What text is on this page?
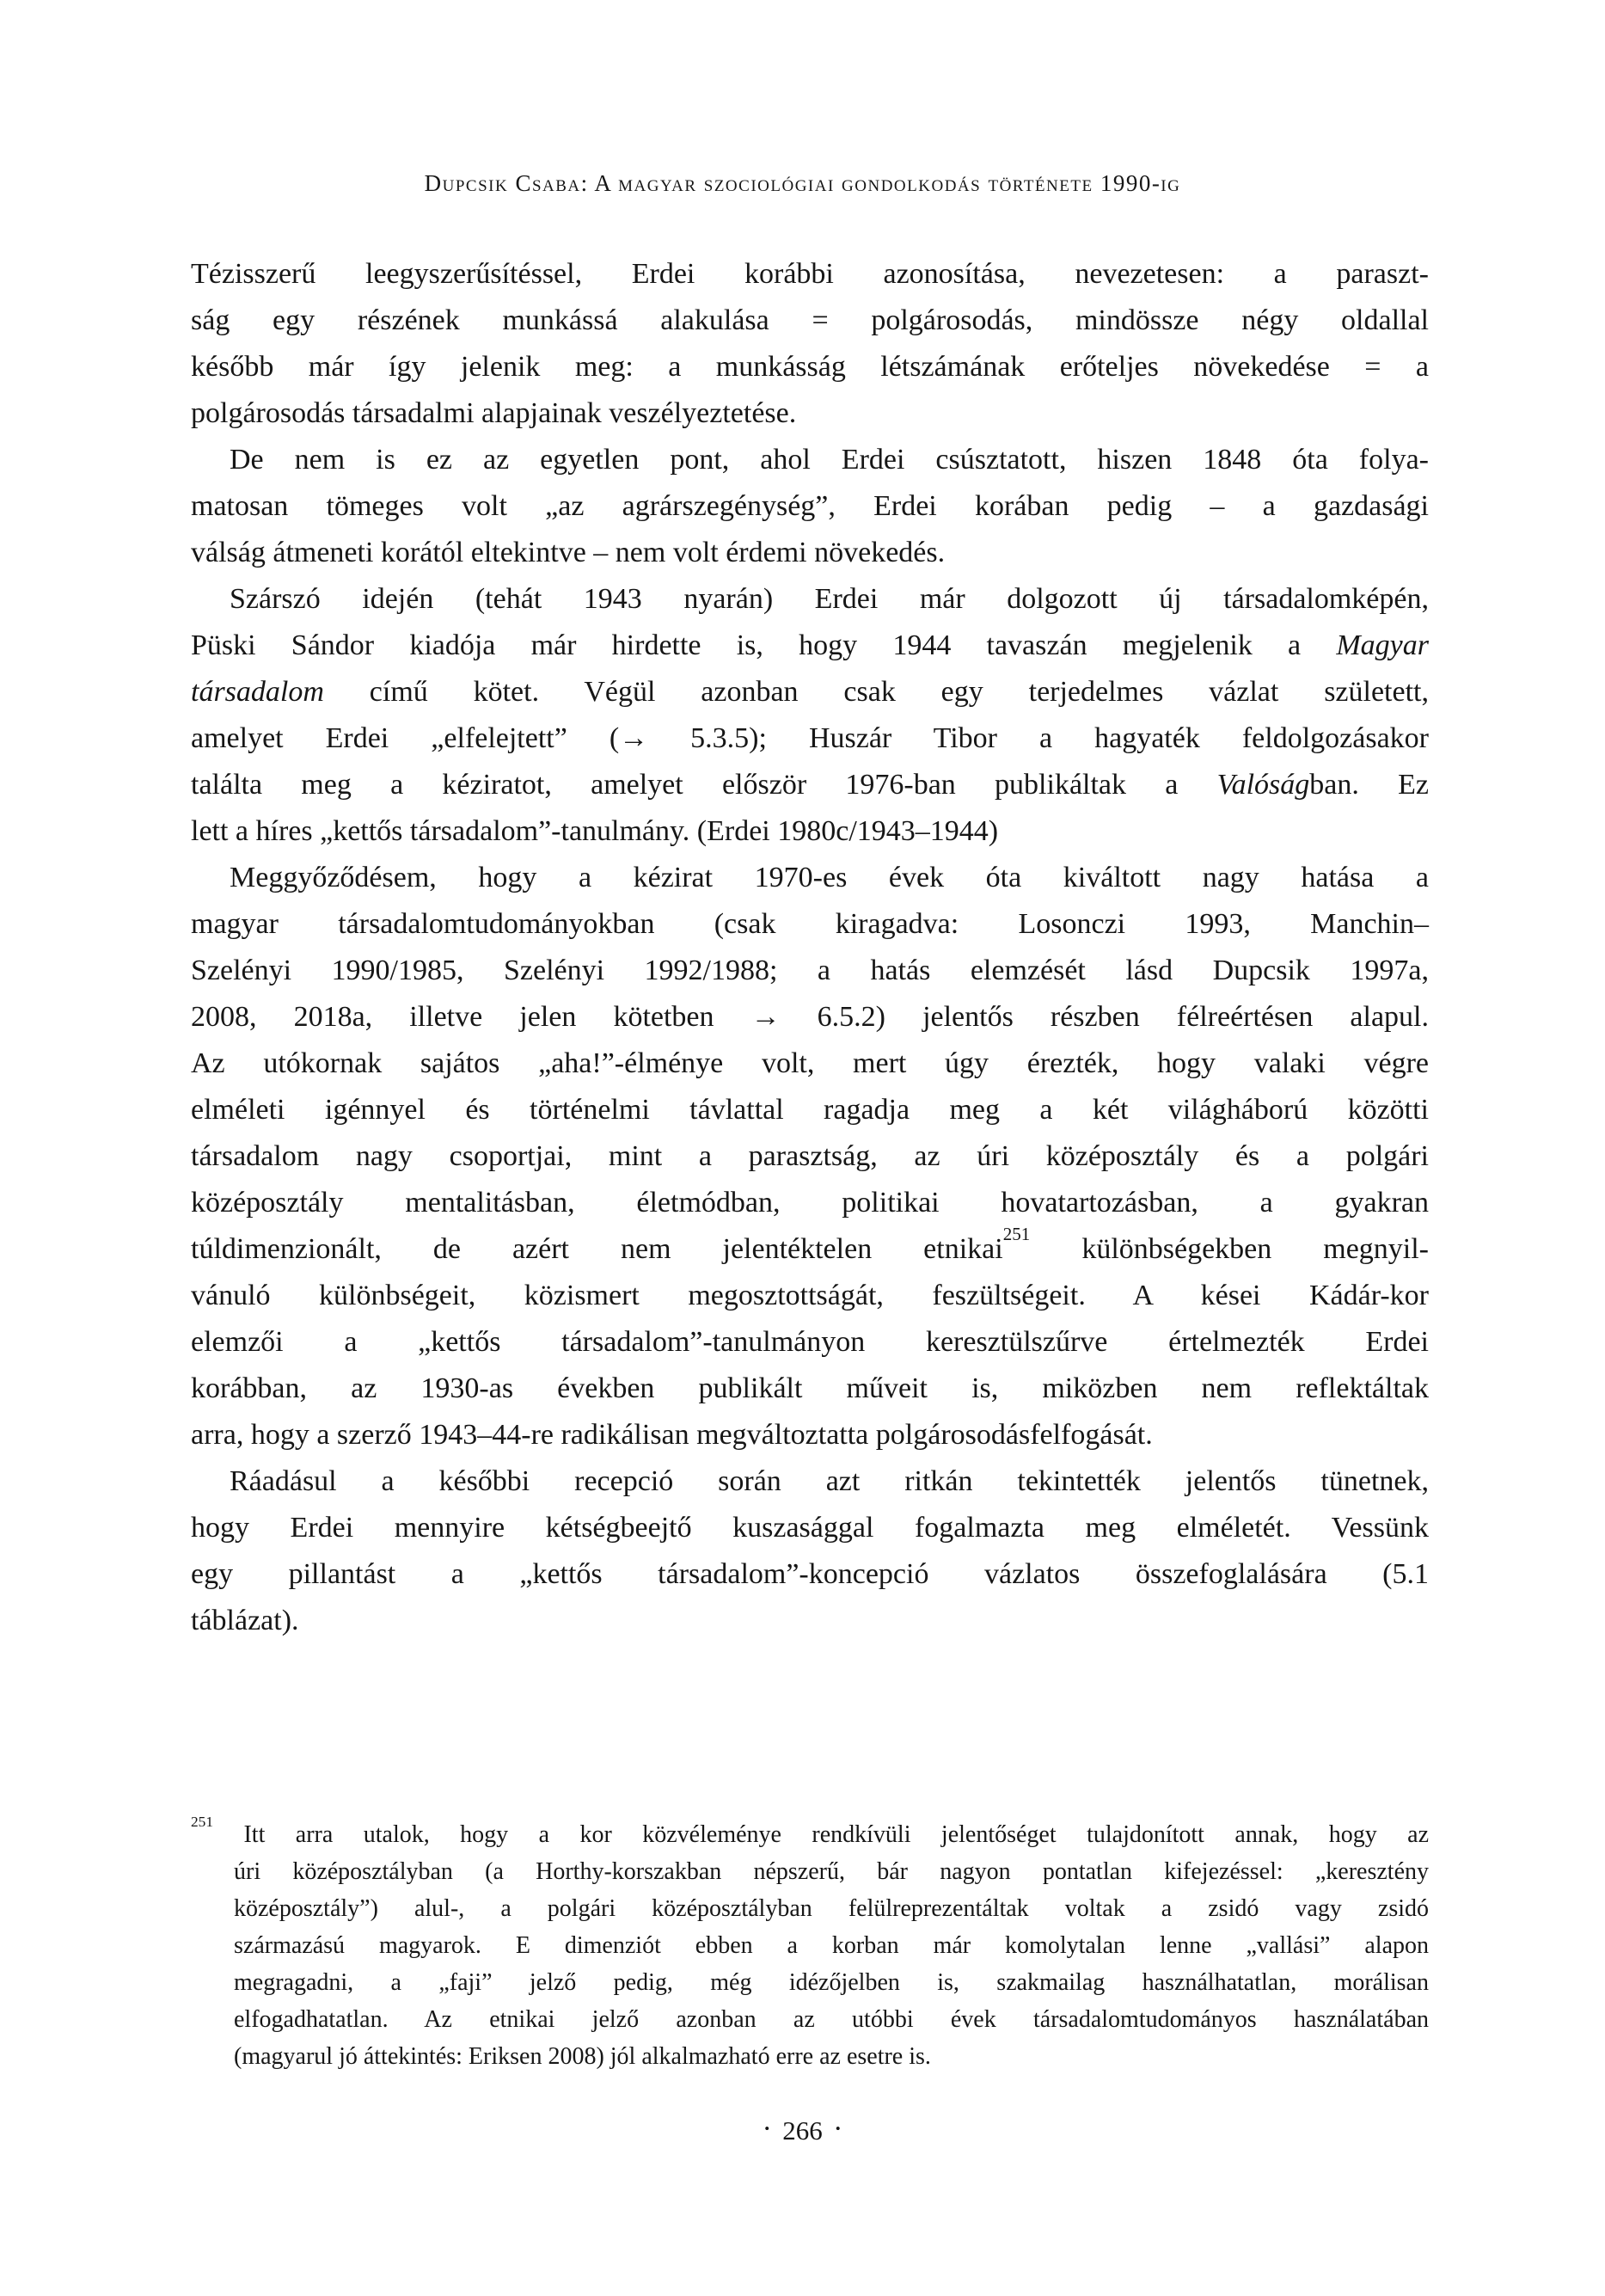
Dupcsik Csaba: A magyar szociológiai gondolkodás története 1990-ig
Tézisszerű leegyszerűsítéssel, Erdei korábbi azonosítása, nevezetesen: a paraszt-
ság egy részének munkássá alakulása = polgárosodás, mindössze négy oldallal
később már így jelenik meg: a munkásság létszámának erőteljes növekedése = a
polgárosodás társadalmi alapjainak veszélyeztetése.
De nem is ez az egyetlen pont, ahol Erdei csúsztatott, hiszen 1848 óta folya-
matosan tömeges volt „az agrárszegénység”, Erdei korában pedig – a gazdasági
válság átmeneti korától eltekintve – nem volt érdemi növekedés.
Szárszó idején (tehát 1943 nyarán) Erdei már dolgozott új társadalomképén,
Püski Sándor kiadója már hirdette is, hogy 1944 tavaszán megjelenik a Magyar
társadalom című kötet. Végül azonban csak egy terjedelmes vázlat született,
amelyet Erdei „elfelejtett” (→ 5.3.5); Huszár Tibor a hagyaték feldolgozásakor
találta meg a kéziratot, amelyet először 1976-ban publikáltak a Valóságban. Ez
lett a híres „kettős társadalom”-tanulmány. (Erdei 1980c/1943–1944)
Meggyőződésem, hogy a kézirat 1970-es évek óta kiváltott nagy hatása a
magyar társadalomtudományokban (csak kiragadva: Losonczi 1993, Manchin–
Szelényi 1990/1985, Szelényi 1992/1988; a hatás elemzését lásd Dupcsik 1997a,
2008, 2018a, illetve jelen kötetben → 6.5.2) jelentős részben félreértésen alapul.
Az utókornak sajátos „aha!”-élménye volt, mert úgy érezték, hogy valaki végre
elméleti igénnyel és történelmi távlattal ragadja meg a két világháború közötti
társadalom nagy csoportjai, mint a parasztság, az úri középosztály és a polgári
középosztály mentalitásban, életmódban, politikai hovatartozásban, a gyakran
túldimenzionált, de azért nem jelentéktelen etnikai$^{251}$ különbségekben megnyil-
vánuló különbségeit, közismert megosztottságát, feszültségeit. A kései Kádár-kor
elemzői a „kettős társadalom”-tanulmányon keresztülszűrve értelmezték Erdei
korábban, az 1930-as években publikált műveit is, miközben nem reflektáltak
arra, hogy a szerző 1943–44-re radikálisan megváltoztatta polgárosodásfelfogását.
Ráadásul a későbbi recepció során azt ritkán tekintették jelentős tünetnek,
hogy Erdei mennyire kétségbeejtő kuszasággal fogalmazta meg elméletét. Vessünk
egy pillantást a „kettős társadalom”-koncepció vázlatos összefoglalására (5.1
táblázat).
$^{251}$ Itt arra utalok, hogy a kor közvéleménye rendkívüli jelentőséget tulajdonított annak, hogy az
úri középosztályban (a Horthy-korszakban népszerű, bár nagyon pontatlan kifejezéssel: „keresztény
középosztály”) alul-, a polgári középosztályban felülreprezentáltak voltak a zsidó vagy zsidó
származású magyarok. E dimenziót ebben a korban már komolytalan lenne „vallási” alapon
megragadni, a „faji” jelző pedig, még idézőjelben is, szakmailag használhatatlan, morálisan
elfogadhatatlan. Az etnikai jelző azonban az utóbbi évek társadalomtudományos használatában
(magyarul jó áttekintés: Eriksen 2008) jól alkalmazható erre az esetre is.
• 266 •
